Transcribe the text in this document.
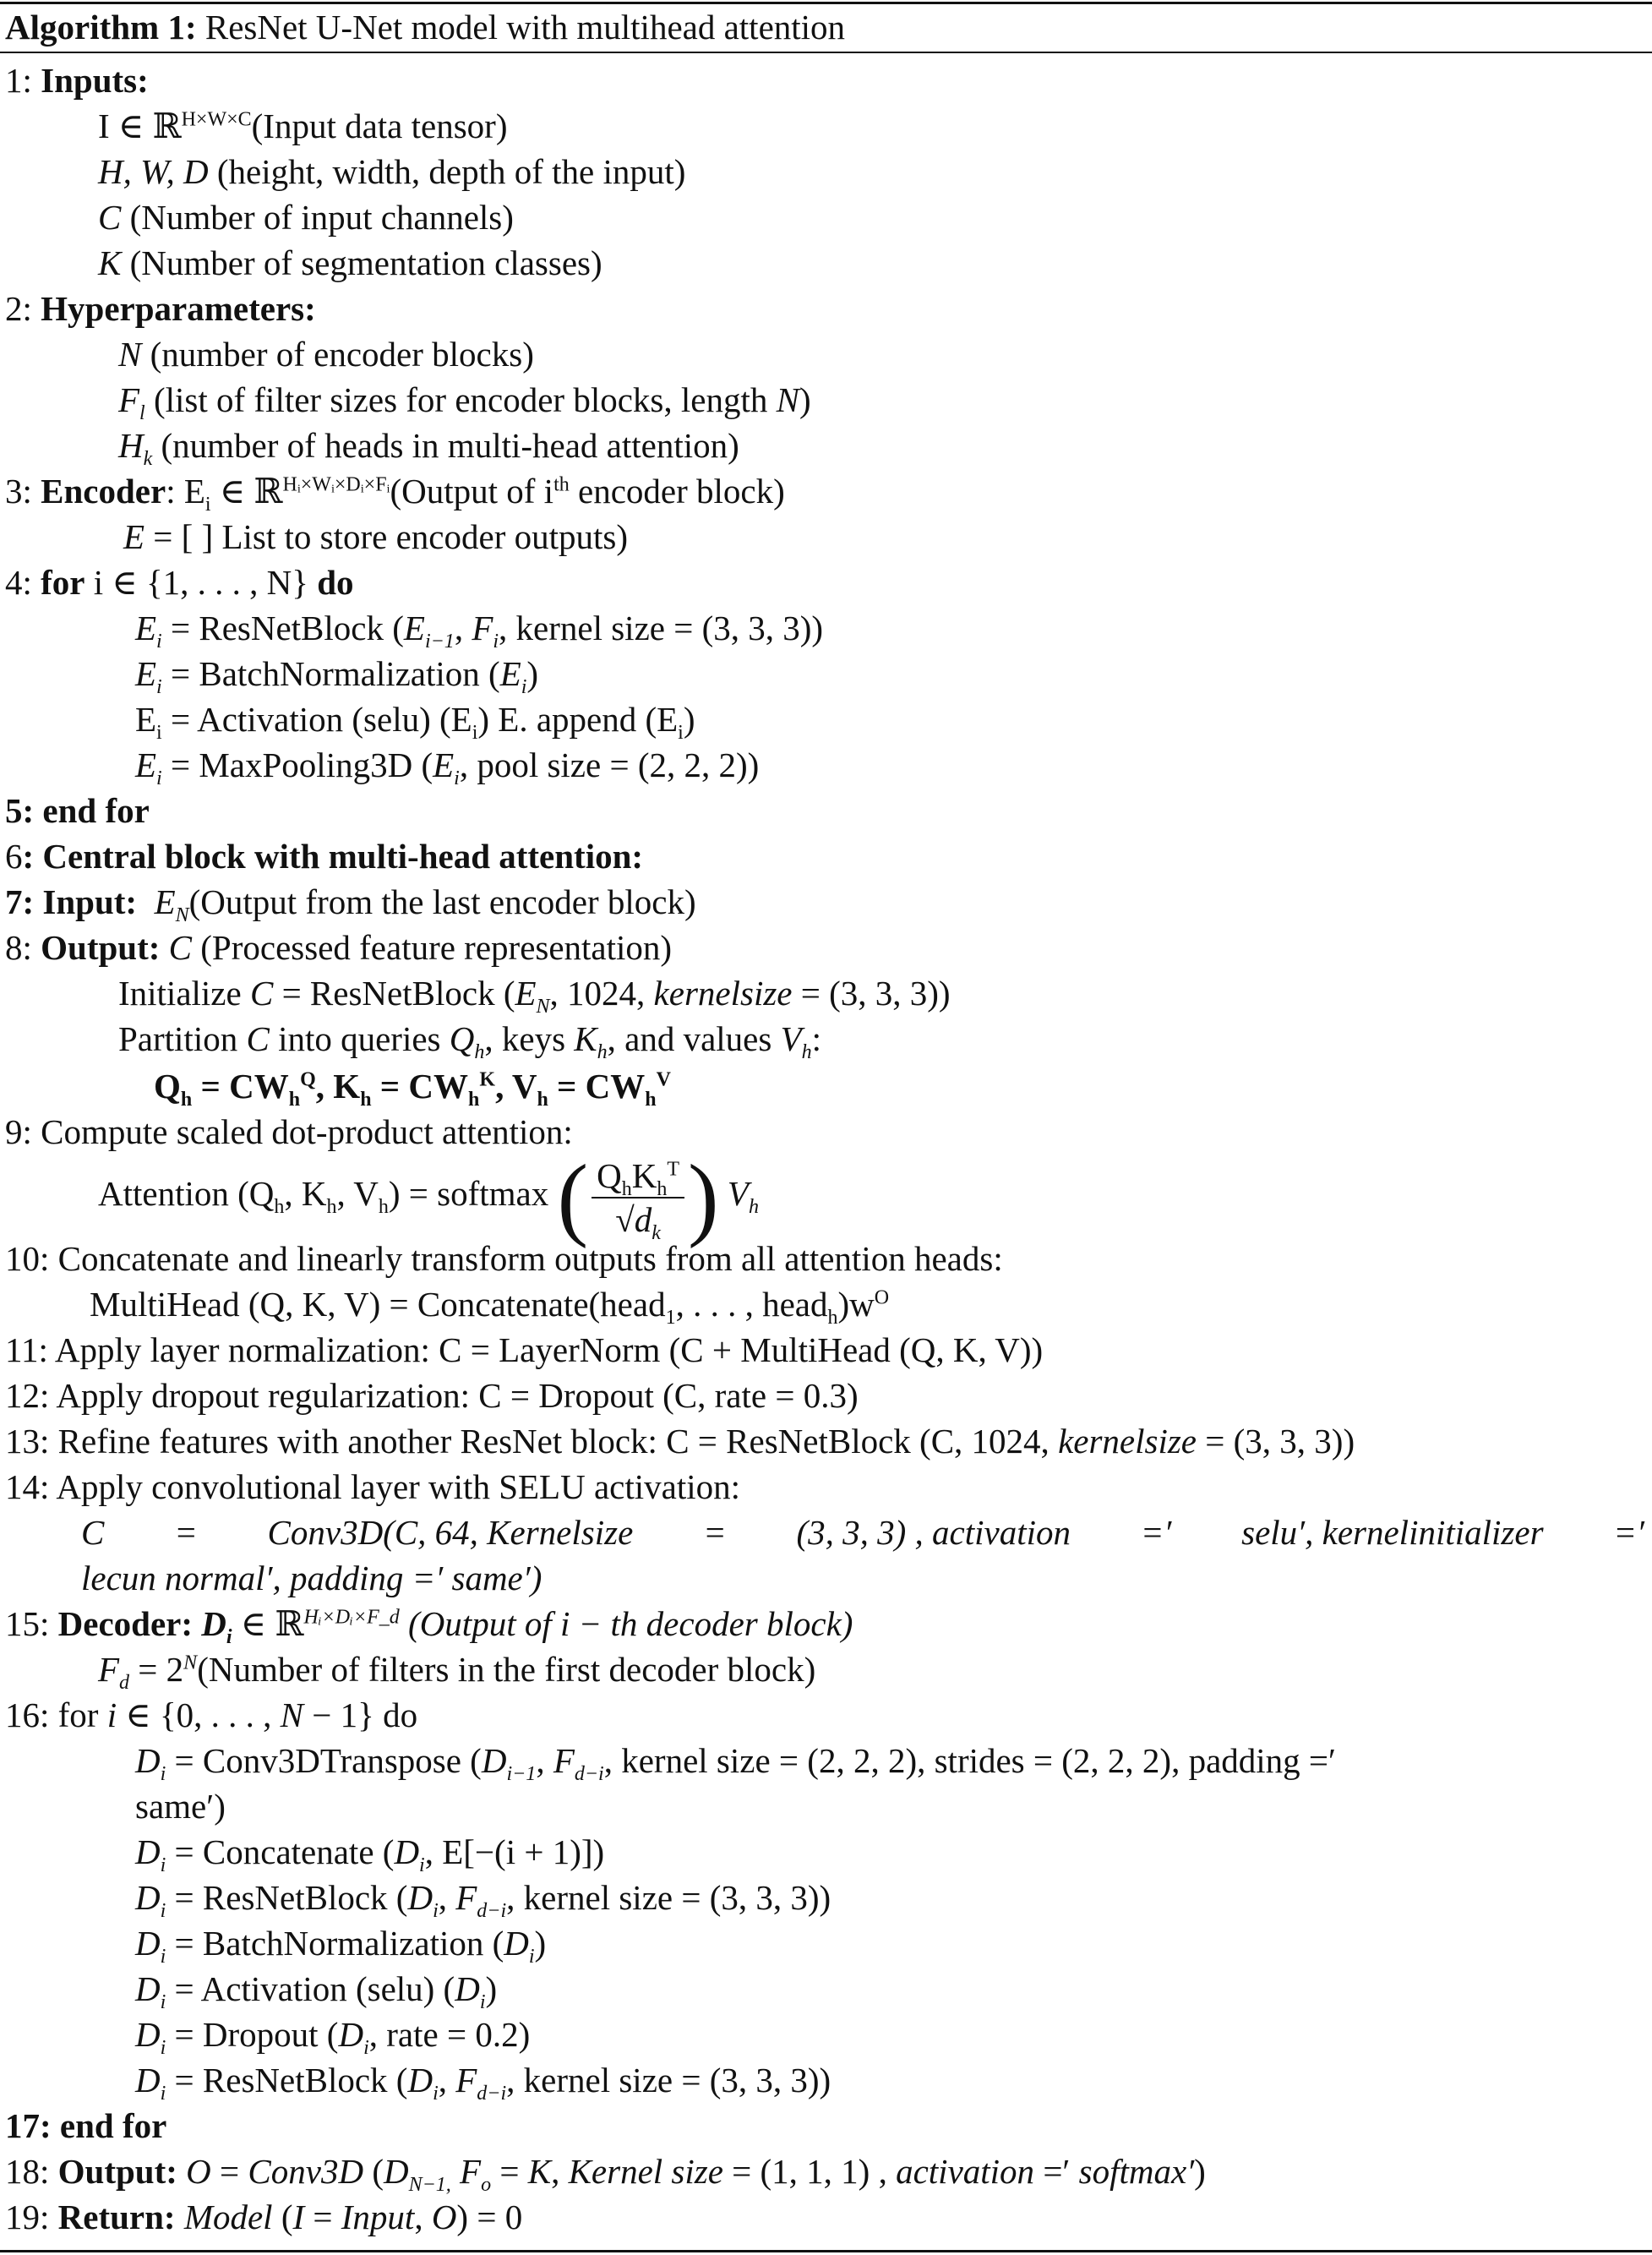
Algorithm 1: ResNet U-Net model with multihead attention
1: Inputs:
I ∈ ℝ$^{H\times W\times C}$(Input data tensor)
H, W, D (height, width, depth of the input)
C (Number of input channels)
K (Number of segmentation classes)
2: Hyperparameters:
N (number of encoder blocks)
$F_l$ (list of filter sizes for encoder blocks, length N)
$H_k$ (number of heads in multi-head attention)
3: Encoder: $E_i$ ∈ ℝ$^{Hᵢ\times Wᵢ\times Dᵢ\times Fᵢ}$(Output of $i^{th}$ encoder block)
E = [ ] List to store encoder outputs)
4: for i ∈ {1, . . . , N} do
$E_i$ = ResNetBlock ($E_{i-1}$, $F_i$, kernel size = (3, 3, 3))
$E_i$ = BatchNormalization $(E_i)$
$E_i$ = Activation (selu) $(E_i)$ E. append $(E_i)$
$E_i$ = MaxPooling3D ($E_i$, pool size = (2, 2, 2))
5: end for
6: Central block with multi-head attention:
7: Input: $E_N(Output$ from the last encoder block)
8: Output: C (Processed feature representation)
Initialize C = ResNetBlock ($E_N$, 1024, kernelsize = (3, 3, 3))
Partition C into queries $Q_h$, keys $K_h$, and values $V_h$:
$Q_h = CW_h^Q$, $K_h = CW_h^K$, $V_h = CW_h^V$
9: Compute scaled dot-product attention:
Attention ($Q_h$, $K_h$, $V_h$) = softmax ( $\frac{Q_hK_h^T}{√d_k}$ ) $V_h$
10: Concatenate and linearly transform outputs from all attention heads:
MultiHead (Q, K, V) = Concatenate(head$_1$, . . . , $head_h)w^O$
11: Apply layer normalization: C = LayerNorm (C + MultiHead (Q, K, V))
12: Apply dropout regularization: C = Dropout (C, rate = 0.3)
13: Refine features with another ResNet block: C = ResNetBlock (C, 1024, kernelsize = (3, 3, 3))
14: Apply convolutional layer with SELU activation:
C = Conv3D(C, 64, Kernelsize = (3, 3, 3) , activation =′ selu′, kernelinitializer =′
lecun normal′, padding =′ same′)
15: Decoder: $D_i$ ∈ ℝ$^{Hᵢ\times Dᵢ\times F\_d}$ (Output of i − th decoder block)
$F_d$ = $2^N(Number$ of filters in the first decoder block)
16: for i ∈ {0, . . . , N − 1} do
$D_i$ = Conv3DTranspose ($D_{i-1}$, $F_{d-i}$, kernel size = (2, 2, 2), strides = (2, 2, 2), padding =′
same′)
$D_i$ = Concatenate ($D_i$, E[−(i + 1)])
$D_i$ = ResNetBlock ($D_i$, $F_{d-i}$, kernel size = (3, 3, 3))
$D_i$ = BatchNormalization $(D_i)$
$D_i$ = Activation (selu) $(D_i)$
$D_i$ = Dropout ($D_i$, rate = 0.2)
$D_i$ = ResNetBlock ($D_i$, $F_{d-i}$, kernel size = (3, 3, 3))
17: end for
18: Output: O = Conv3D ($D_{N-1,}$ $F_o = K$, Kernel size = (1, 1, 1) , activation =′ softmax′)
19: Return: Model (I = Input, O) = 0
